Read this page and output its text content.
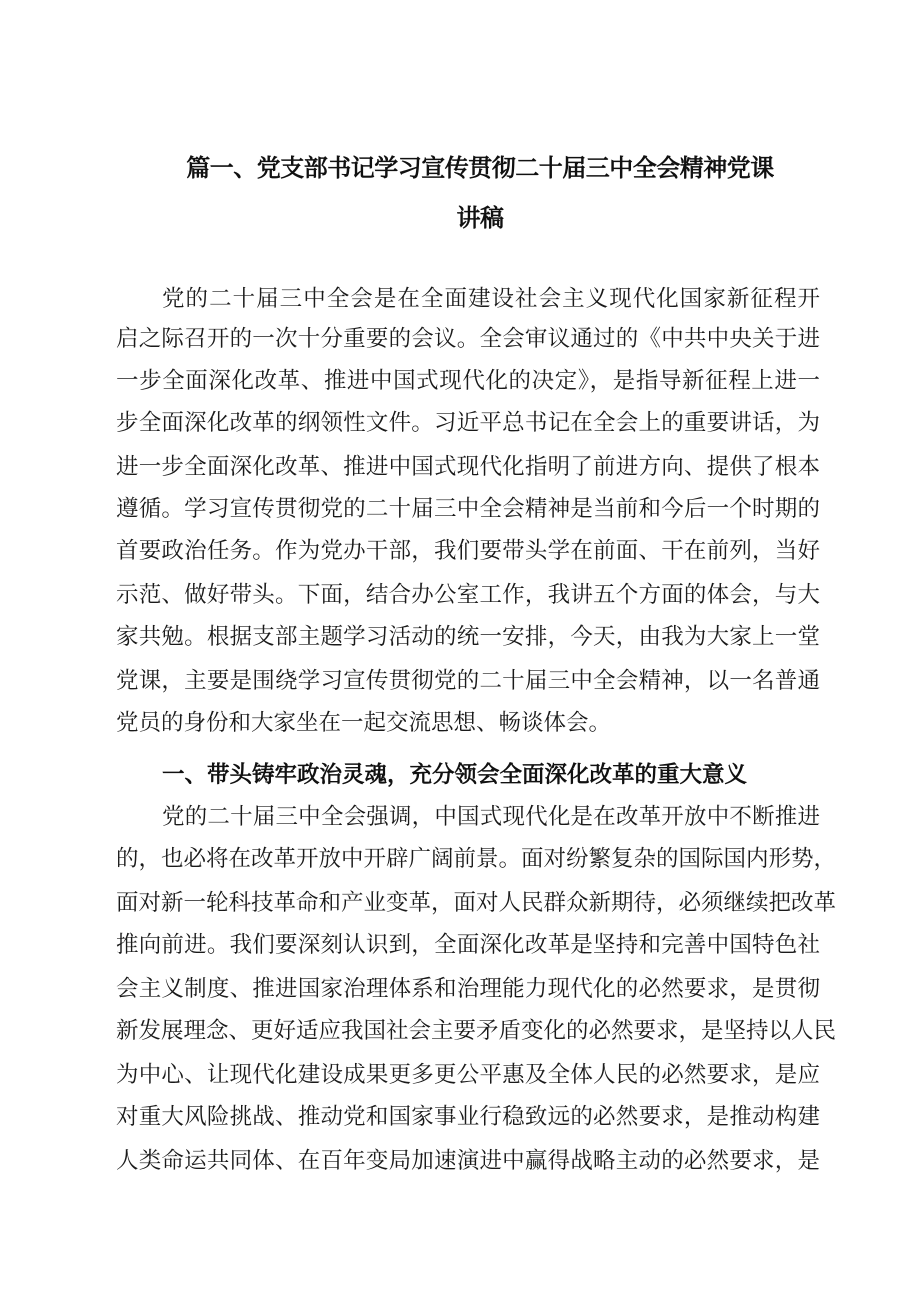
篇一、党支部书记学习宣传贯彻二十届三中全会精神党课
讲稿

党的二十届三中全会是在全面建设社会主义现代化国家新征程开

启之际召开的一次十分重要的会议。全会审议通过的《中共中央关于进

一步全面深化改革、推进中国式现代化的决定》，是指导新征程上进一

步全面深化改革的纲领性文件。习近平总书记在全会上的重要讲话，为

进一步全面深化改革、推进中国式现代化指明了前进方向、提供了根本

遵循。学习宣传贯彻党的二十届三中全会精神是当前和今后一个时期的

首要政治任务。作为党办干部，我们要带头学在前面、干在前列，当好

示范、做好带头。下面，结合办公室工作，我讲五个方面的体会，与大

家共勉。根据支部主题学习活动的统一安排，今天，由我为大家上一堂

党课，主要是围绕学习宣传贯彻党的二十届三中全会精神，以一名普通

党员的身份和大家坐在一起交流思想、畅谈体会。

一、带头铸牢政治灵魂，充分领会全面深化改革的重大意义

党的二十届三中全会强调，中国式现代化是在改革开放中不断推进

的，也必将在改革开放中开辟广阔前景。面对纷繁复杂的国际国内形势，

面对新一轮科技革命和产业变革，面对人民群众新期待，必须继续把改革

推向前进。我们要深刻认识到，全面深化改革是坚持和完善中国特色社

会主义制度、推进国家治理体系和治理能力现代化的必然要求，是贯彻

新发展理念、更好适应我国社会主要矛盾变化的必然要求，是坚持以人民

为中心、让现代化建设成果更多更公平惠及全体人民的必然要求，是应

对重大风险挑战、推动党和国家事业行稳致远的必然要求，是推动构建

人类命运共同体、在百年变局加速演进中赢得战略主动的必然要求，是
